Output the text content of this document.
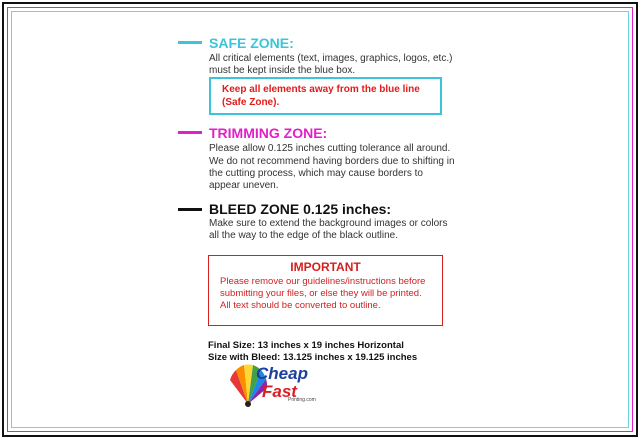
SAFE ZONE:
All critical elements (text, images, graphics, logos, etc.)
must be kept inside the blue box.
Keep all elements away from the blue line
(Safe Zone).
TRIMMING ZONE:
Please allow 0.125 inches cutting tolerance all around.
We do not recommend having borders due to shifting in
the cutting process, which may cause borders to
appear uneven.
BLEED ZONE 0.125 inches:
Make sure to extend the background images or colors
all the way to the edge of the black outline.
IMPORTANT
Please remove our guidelines/instructions before
submitting your files, or else they will be printed.
All text should be converted to outline.
Final Size: 13 inches x 19 inches Horizontal
Size with Bleed: 13.125 inches x 19.125 inches
Cheap
Fast
Printing.com
